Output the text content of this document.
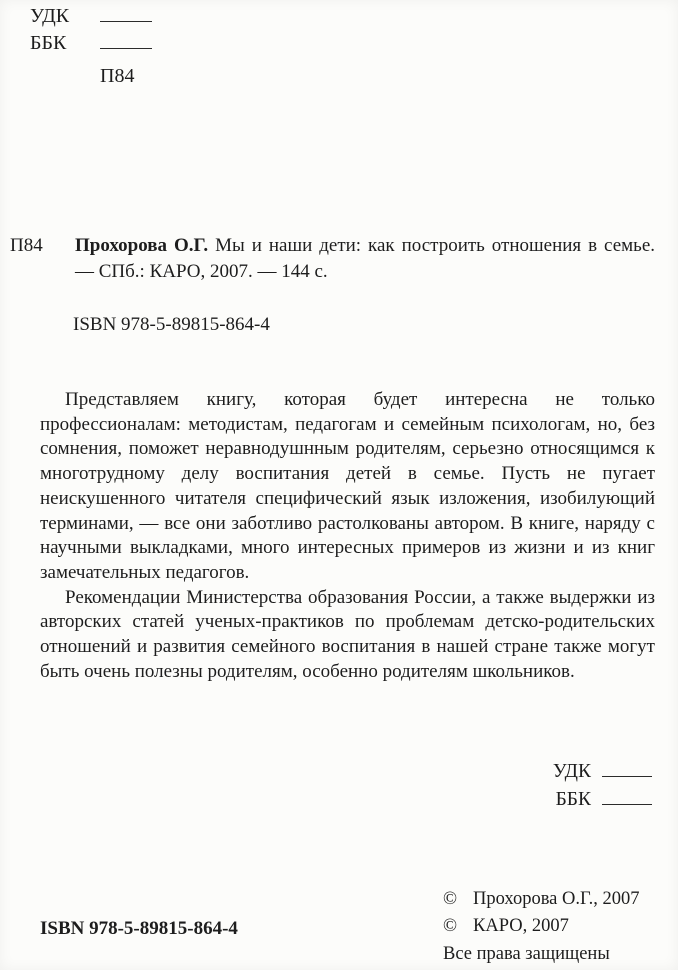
УДК
ББК
П84
П84 Прохорова О.Г. Мы и наши дети: как построить отношения в семье. — СПб.: КАРО, 2007. — 144 с.

ISBN 978-5-89815-864-4

Представляем книгу, которая будет интересна не только профессионалам: методистам, педагогам и семейным психологам, но, без сомнения, поможет неравнодушнным родителям, серьезно относящимся к многотрудному делу воспитания детей в семье. Пусть не пугает неискушенного читателя специфический язык изложения, изобилующий терминами, — все они заботливо растолкованы автором. В книге, наряду с научными выкладками, много интересных примеров из жизни и из книг замечательных педагогов.

Рекомендации Министерства образования России, а также выдержки из авторских статей ученых-практиков по проблемам детско-родительских отношений и развития семейного воспитания в нашей стране также могут быть очень полезны родителям, особенно родителям школьников.

УДК
ББК
ISBN 978-5-89815-864-4
© Прохорова О.Г., 2007
© КАРО, 2007
Все права защищены
